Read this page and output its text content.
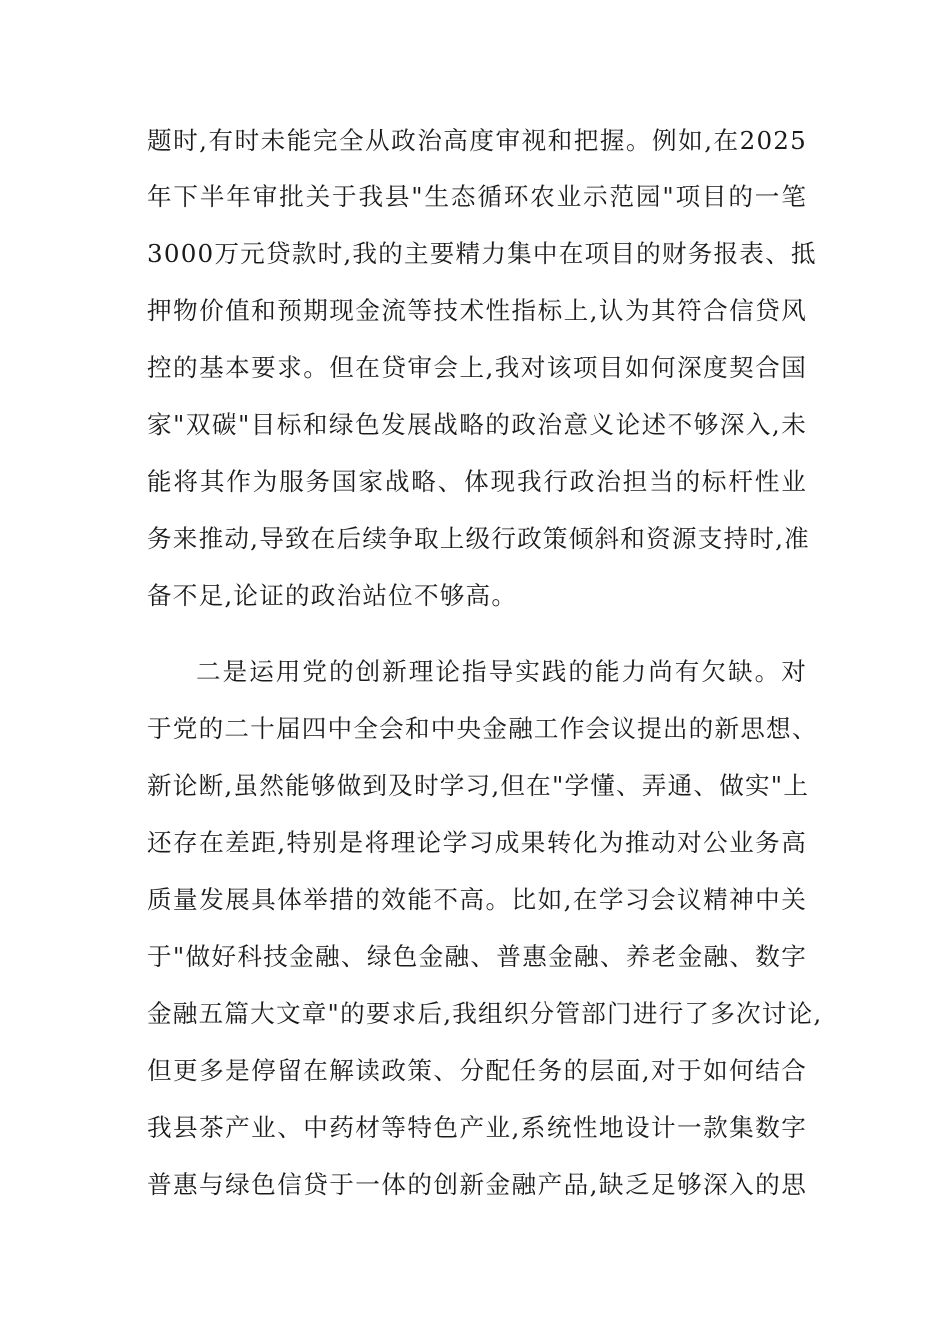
题时,有时未能完全从政治高度审视和把握。例如,在2025
年下半年审批关于我县"生态循环农业示范园"项目的一笔
3000万元贷款时,我的主要精力集中在项目的财务报表、抵
押物价值和预期现金流等技术性指标上,认为其符合信贷风
控的基本要求。但在贷审会上,我对该项目如何深度契合国
家"双碳"目标和绿色发展战略的政治意义论述不够深入,未
能将其作为服务国家战略、体现我行政治担当的标杆性业
务来推动,导致在后续争取上级行政策倾斜和资源支持时,准
备不足,论证的政治站位不够高。
二是运用党的创新理论指导实践的能力尚有欠缺。对
于党的二十届四中全会和中央金融工作会议提出的新思想、
新论断,虽然能够做到及时学习,但在"学懂、弄通、做实"上
还存在差距,特别是将理论学习成果转化为推动对公业务高
质量发展具体举措的效能不高。比如,在学习会议精神中关
于"做好科技金融、绿色金融、普惠金融、养老金融、数字
金融五篇大文章"的要求后,我组织分管部门进行了多次讨论,
但更多是停留在解读政策、分配任务的层面,对于如何结合
我县茶产业、中药材等特色产业,系统性地设计一款集数字
普惠与绿色信贷于一体的创新金融产品,缺乏足够深入的思
